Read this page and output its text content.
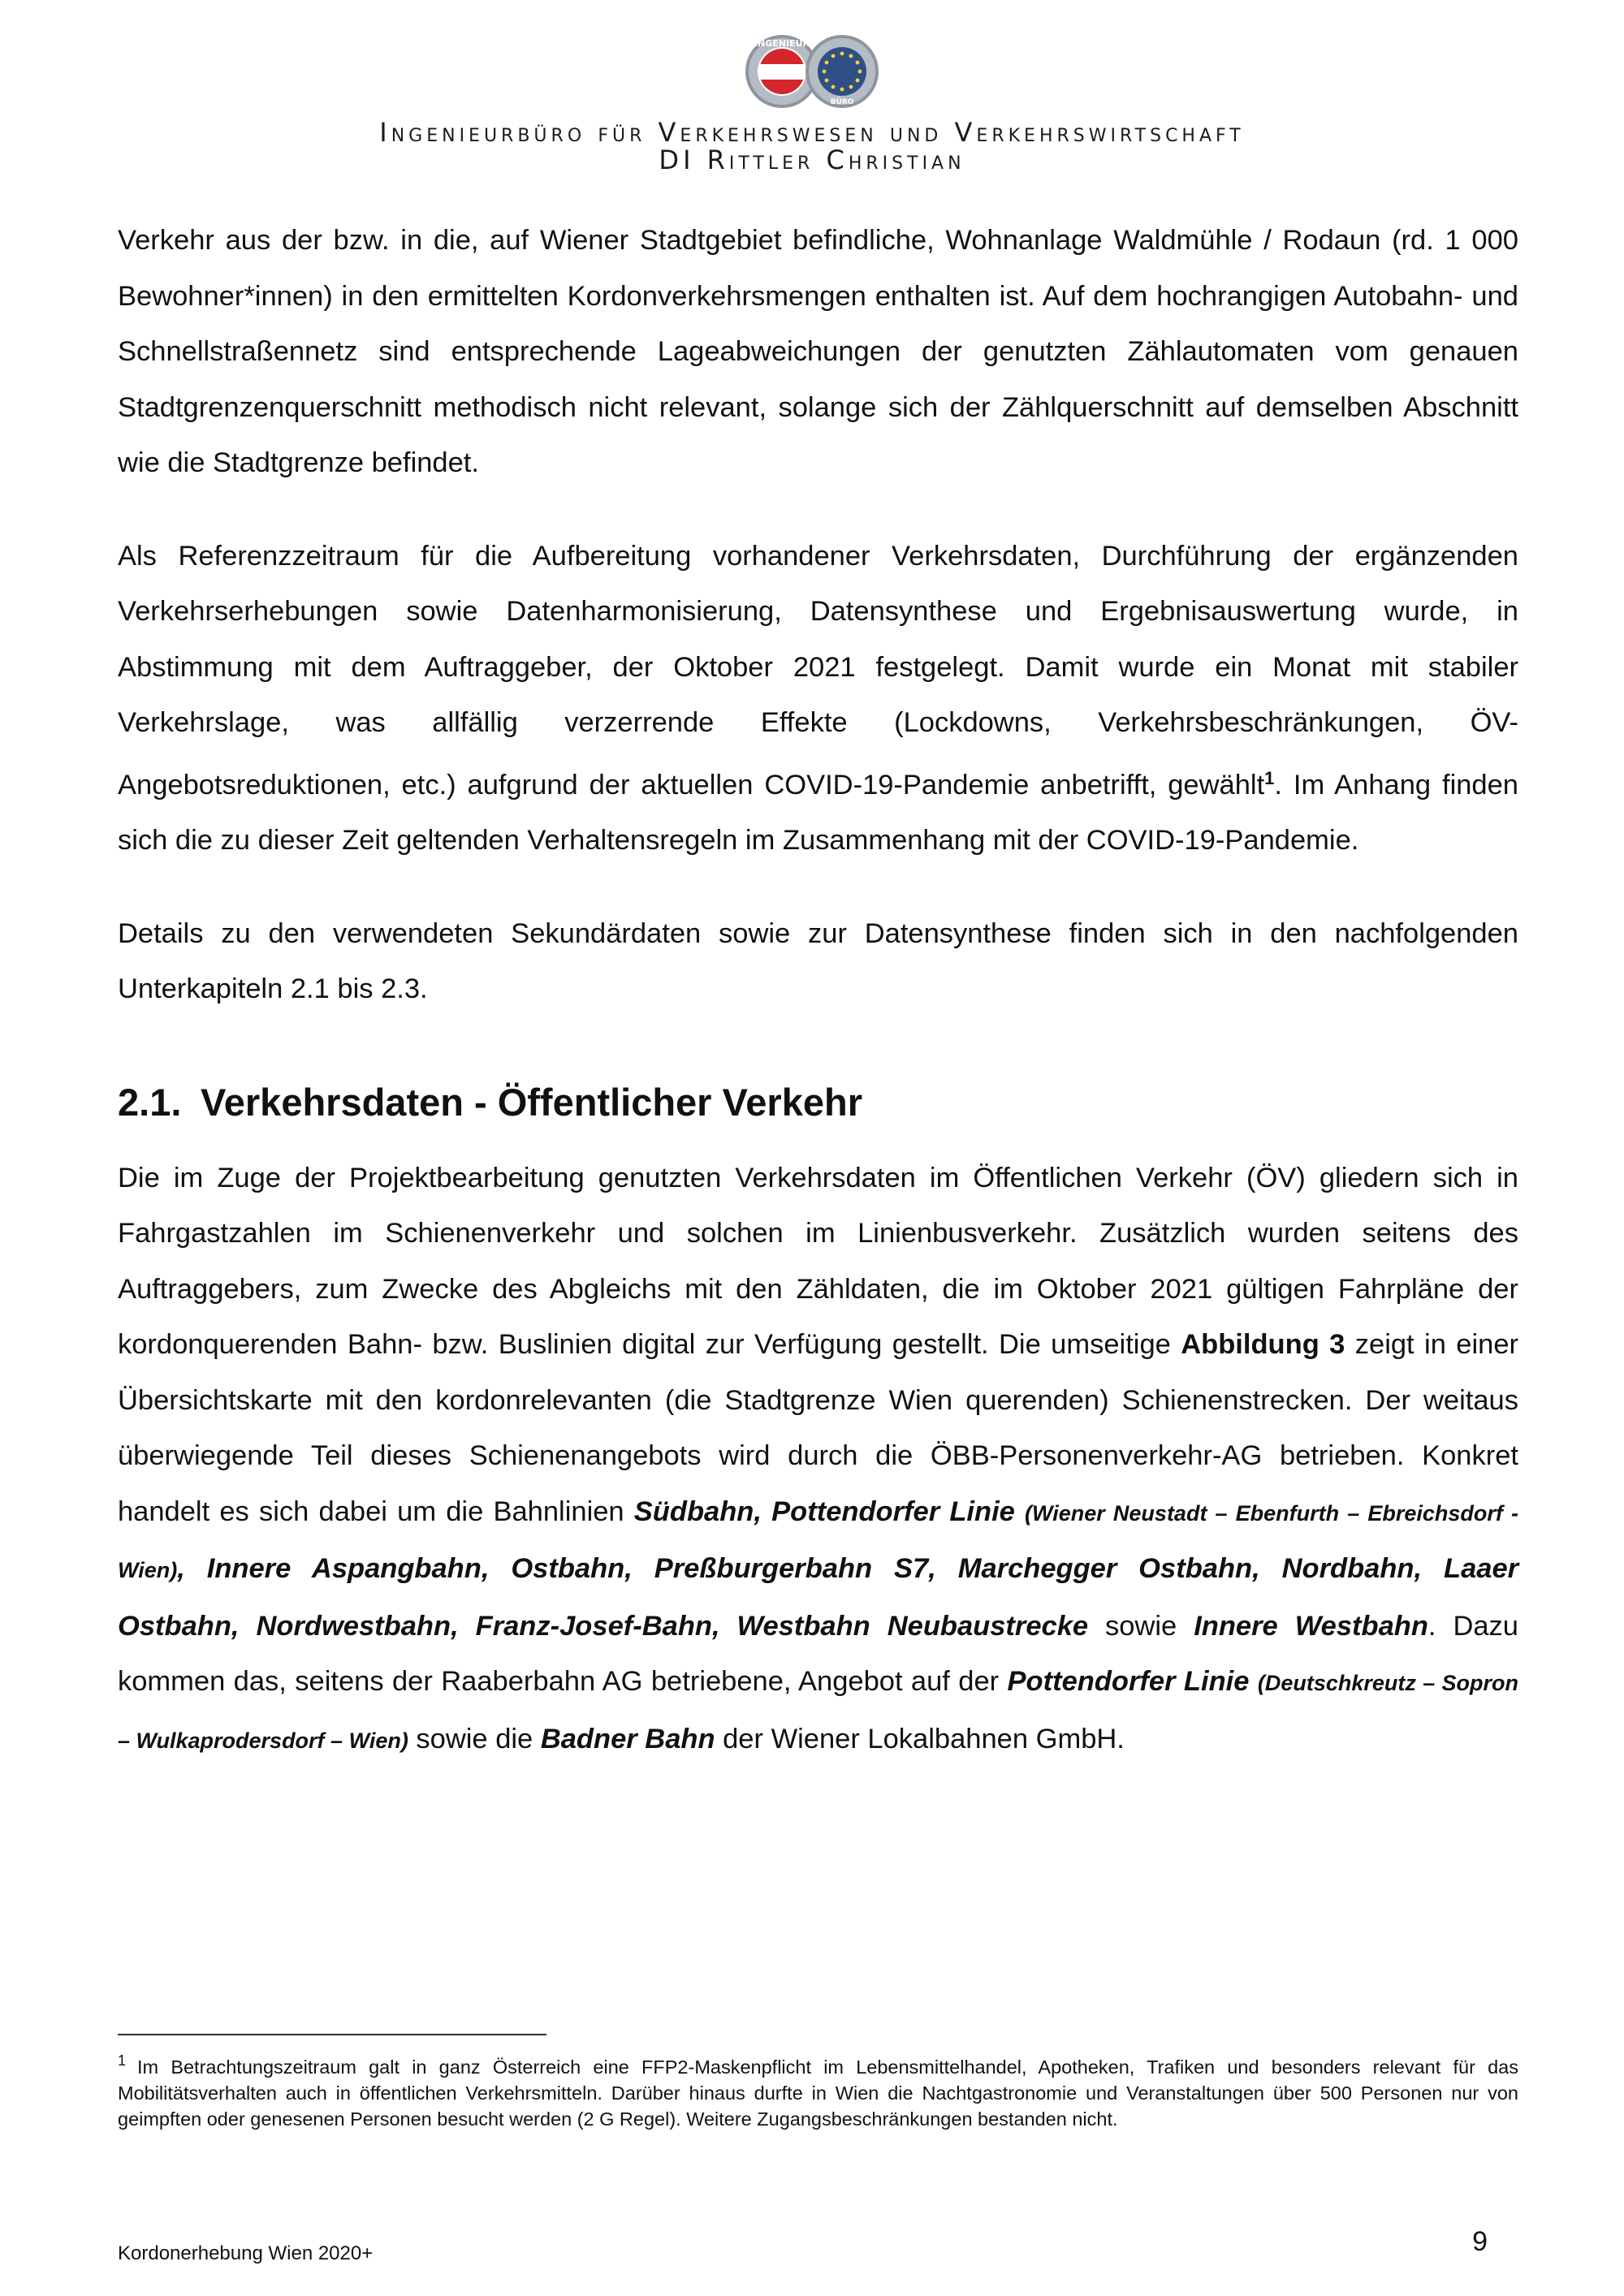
INGENIEUR
BÜRO
Ingenieurbüro für Verkehrswesen und Verkehrswirtschaft
DI Rittler Christian

Verkehr aus der bzw. in die, auf Wiener Stadtgebiet befindliche, Wohnanlage Waldmühle / Rodaun (rd. 1 000 Bewohner*innen) in den ermittelten Kordonverkehrsmengen enthalten ist. Auf dem hochrangigen Autobahn- und Schnellstraßennetz sind entsprechende Lageabweichungen der genutzten Zählautomaten vom genauen Stadtgrenzenquerschnitt methodisch nicht relevant, solange sich der Zählquerschnitt auf demselben Abschnitt wie die Stadtgrenze befindet.

Als Referenzzeitraum für die Aufbereitung vorhandener Verkehrsdaten, Durchführung der ergänzenden Verkehrserhebungen sowie Datenharmonisierung, Datensynthese und Ergebnisauswertung wurde, in Abstimmung mit dem Auftraggeber, der Oktober 2021 festgelegt. Damit wurde ein Monat mit stabiler Verkehrslage, was allfällig verzerrende Effekte (Lockdowns, Verkehrsbeschränkungen, ÖV- Angebotsreduktionen, etc.) aufgrund der aktuellen COVID-19-Pandemie anbetrifft, gewählt$^1$. Im Anhang finden sich die zu dieser Zeit geltenden Verhaltensregeln im Zusammenhang mit der COVID-19-Pandemie.

Details zu den verwendeten Sekundärdaten sowie zur Datensynthese finden sich in den nachfolgenden Unterkapiteln 2.1 bis 2.3.

2.1. Verkehrsdaten - Öffentlicher Verkehr

Die im Zuge der Projektbearbeitung genutzten Verkehrsdaten im Öffentlichen Verkehr (ÖV) gliedern sich in Fahrgastzahlen im Schienenverkehr und solchen im Linienbusverkehr. Zusätzlich wurden seitens des Auftraggebers, zum Zwecke des Abgleichs mit den Zähldaten, die im Oktober 2021 gültigen Fahrpläne der kordonquerenden Bahn- bzw. Buslinien digital zur Verfügung gestellt. Die umseitige Abbildung 3 zeigt in einer Übersichtskarte mit den kordonrelevanten (die Stadtgrenze Wien querenden) Schienenstrecken. Der weitaus überwiegende Teil dieses Schienenangebots wird durch die ÖBB-Personenverkehr-AG betrieben. Konkret handelt es sich dabei um die Bahnlinien Südbahn, Pottendorfer Linie (Wiener Neustadt – Ebenfurth – Ebreichsdorf - Wien), Innere Aspangbahn, Ostbahn, Preßburgerbahn S7, Marchegger Ostbahn, Nordbahn, Laaer Ostbahn, Nordwestbahn, Franz-Josef-Bahn, Westbahn Neubaustrecke sowie Innere Westbahn. Dazu kommen das, seitens der Raaberbahn AG betriebene, Angebot auf der Pottendorfer Linie (Deutschkreutz – Sopron – Wulkaprodersdorf – Wien) sowie die Badner Bahn der Wiener Lokalbahnen GmbH.

$^1$ Im Betrachtungszeitraum galt in ganz Österreich eine FFP2-Maskenpflicht im Lebensmittelhandel, Apotheken, Trafiken und besonders relevant für das Mobilitätsverhalten auch in öffentlichen Verkehrsmitteln. Darüber hinaus durfte in Wien die Nachtgastronomie und Veranstaltungen über 500 Personen nur von geimpften oder genesenen Personen besucht werden (2 G Regel). Weitere Zugangsbeschränkungen bestanden nicht.
Kordonerhebung Wien 2020+	9
